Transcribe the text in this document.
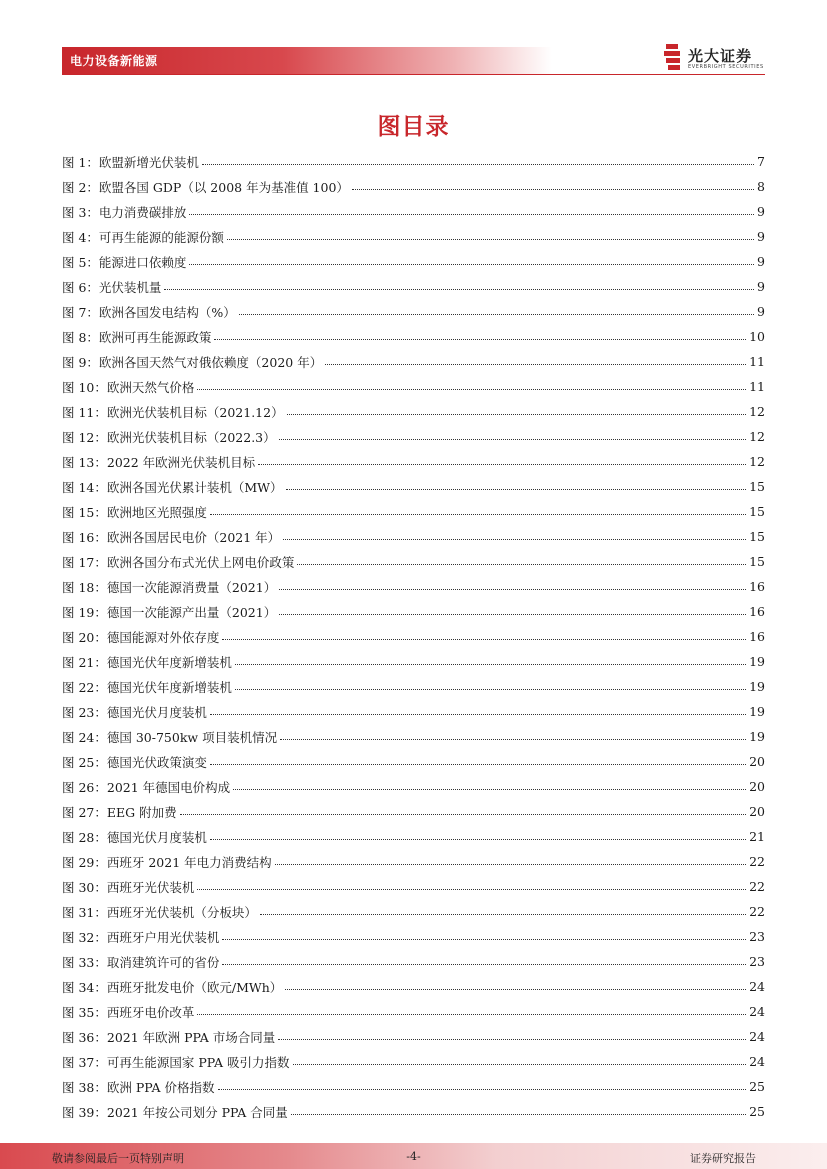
电力设备新能源	光大证券
EVERBRIGHT SECURITIES
图目录
图 1：欧盟新增光伏装机	7
图 2：欧盟各国 GDP（以 2008 年为基准值 100）	8
图 3：电力消费碳排放	9
图 4：可再生能源的能源份额	9
图 5：能源进口依赖度	9
图 6：光伏装机量	9
图 7：欧洲各国发电结构（%）	9
图 8：欧洲可再生能源政策	10
图 9：欧洲各国天然气对俄依赖度（2020 年）	11
图 10：欧洲天然气价格	11
图 11：欧洲光伏装机目标（2021.12）	12
图 12：欧洲光伏装机目标（2022.3）	12
图 13：2022 年欧洲光伏装机目标	12
图 14：欧洲各国光伏累计装机（MW）	15
图 15：欧洲地区光照强度	15
图 16：欧洲各国居民电价（2021 年）	15
图 17：欧洲各国分布式光伏上网电价政策	15
图 18：德国一次能源消费量（2021）	16
图 19：德国一次能源产出量（2021）	16
图 20：德国能源对外依存度	16
图 21：德国光伏年度新增装机	19
图 22：德国光伏年度新增装机	19
图 23：德国光伏月度装机	19
图 24：德国 30-750kw 项目装机情况	19
图 25：德国光伏政策演变	20
图 26：2021 年德国电价构成	20
图 27：EEG 附加费	20
图 28：德国光伏月度装机	21
图 29：西班牙 2021 年电力消费结构	22
图 30：西班牙光伏装机	22
图 31：西班牙光伏装机（分板块）	22
图 32：西班牙户用光伏装机	23
图 33：取消建筑许可的省份	23
图 34：西班牙批发电价（欧元/MWh）	24
图 35：西班牙电价改革	24
图 36：2021 年欧洲 PPA 市场合同量	24
图 37：可再生能源国家 PPA 吸引力指数	24
图 38：欧洲 PPA 价格指数	25
图 39：2021 年按公司划分 PPA 合同量	25
敬请参阅最后一页特别声明	-4-	证券研究报告
